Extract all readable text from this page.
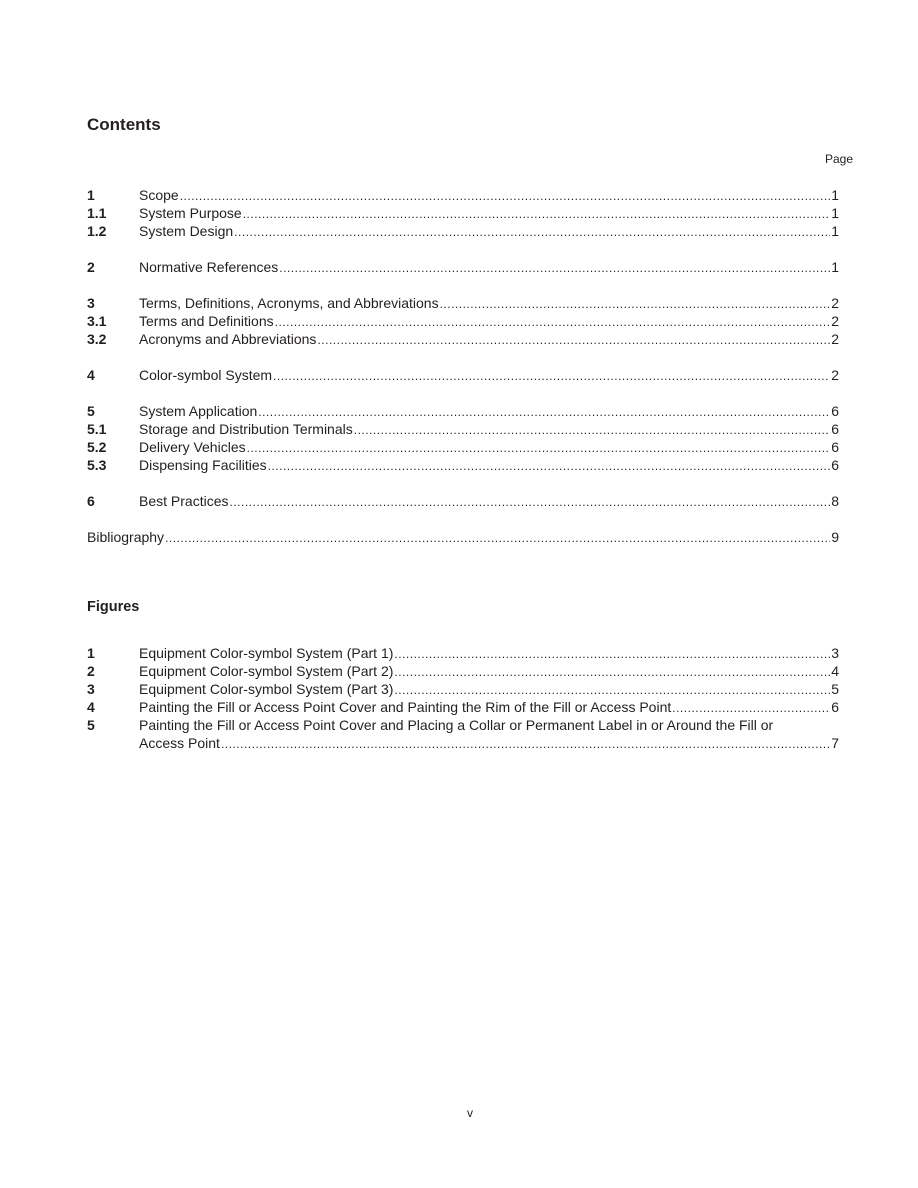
Contents
Page
1	Scope .....	1
1.1	System Purpose .....	1
1.2	System Design .....	1
2	Normative References .....	1
3	Terms, Definitions, Acronyms, and Abbreviations .....	2
3.1	Terms and Definitions .....	2
3.2	Acronyms and Abbreviations .....	2
4	Color-symbol System .....	2
5	System Application .....	6
5.1	Storage and Distribution Terminals .....	6
5.2	Delivery Vehicles .....	6
5.3	Dispensing Facilities .....	6
6	Best Practices .....	8
Bibliography .....	9
Figures
1	Equipment Color-symbol System (Part 1) .....	3
2	Equipment Color-symbol System (Part 2) .....	4
3	Equipment Color-symbol System (Part 3) .....	5
4	Painting the Fill or Access Point Cover and Painting the Rim of the Fill or Access Point .....	6
5	Painting the Fill or Access Point Cover and Placing a Collar or Permanent Label in or Around the Fill or
Access Point .....	7
v
